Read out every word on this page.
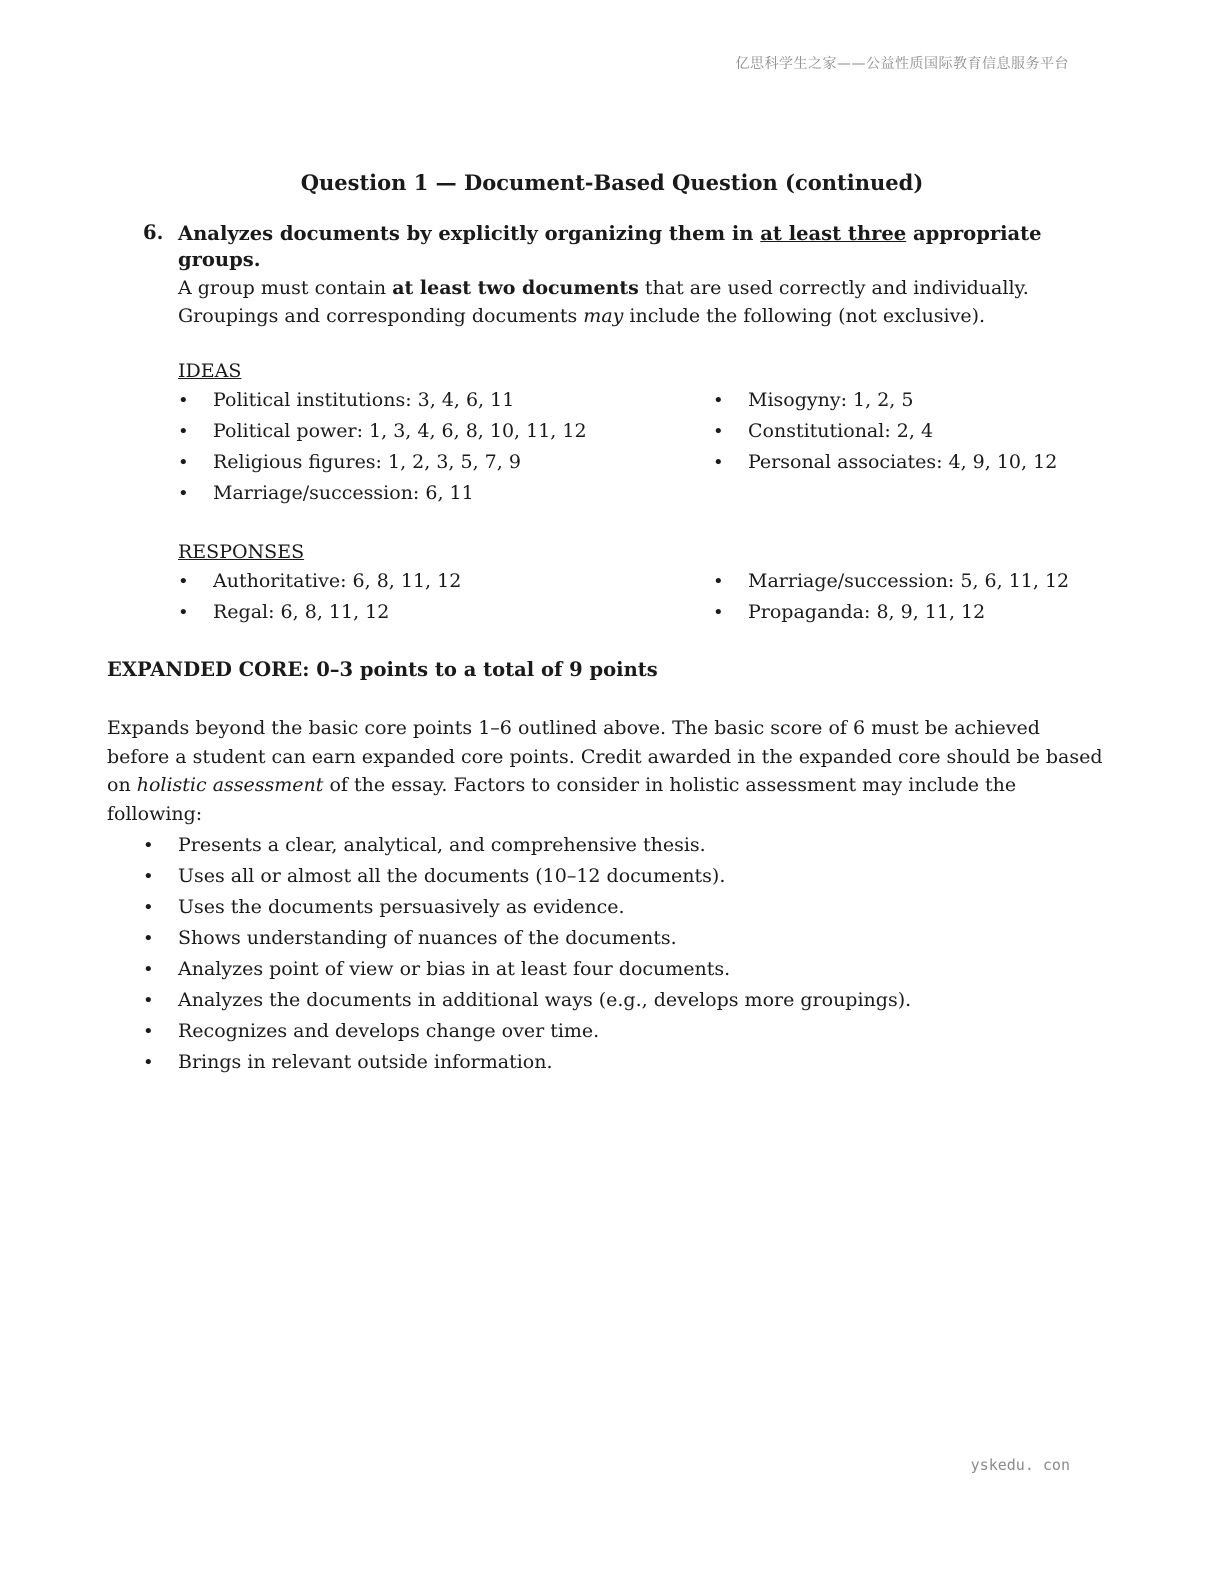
亿思科学生之家——公益性质国际教育信息服务平台
Question 1 — Document-Based Question (continued)
6. Analyzes documents by explicitly organizing them in at least three appropriate groups.
A group must contain at least two documents that are used correctly and individually.
Groupings and corresponding documents may include the following (not exclusive).
IDEAS
• Political institutions: 3, 4, 6, 11
• Political power: 1, 3, 4, 6, 8, 10, 11, 12
• Religious figures: 1, 2, 3, 5, 7, 9
• Marriage/succession: 6, 11
• Misogyny: 1, 2, 5
• Constitutional: 2, 4
• Personal associates: 4, 9, 10, 12
RESPONSES
• Authoritative: 6, 8, 11, 12
• Regal: 6, 8, 11, 12
• Marriage/succession: 5, 6, 11, 12
• Propaganda: 8, 9, 11, 12
EXPANDED CORE: 0–3 points to a total of 9 points
Expands beyond the basic core points 1–6 outlined above. The basic score of 6 must be achieved before a student can earn expanded core points. Credit awarded in the expanded core should be based on holistic assessment of the essay. Factors to consider in holistic assessment may include the following:
• Presents a clear, analytical, and comprehensive thesis.
• Uses all or almost all the documents (10–12 documents).
• Uses the documents persuasively as evidence.
• Shows understanding of nuances of the documents.
• Analyzes point of view or bias in at least four documents.
• Analyzes the documents in additional ways (e.g., develops more groupings).
• Recognizes and develops change over time.
• Brings in relevant outside information.
yskedu. con
